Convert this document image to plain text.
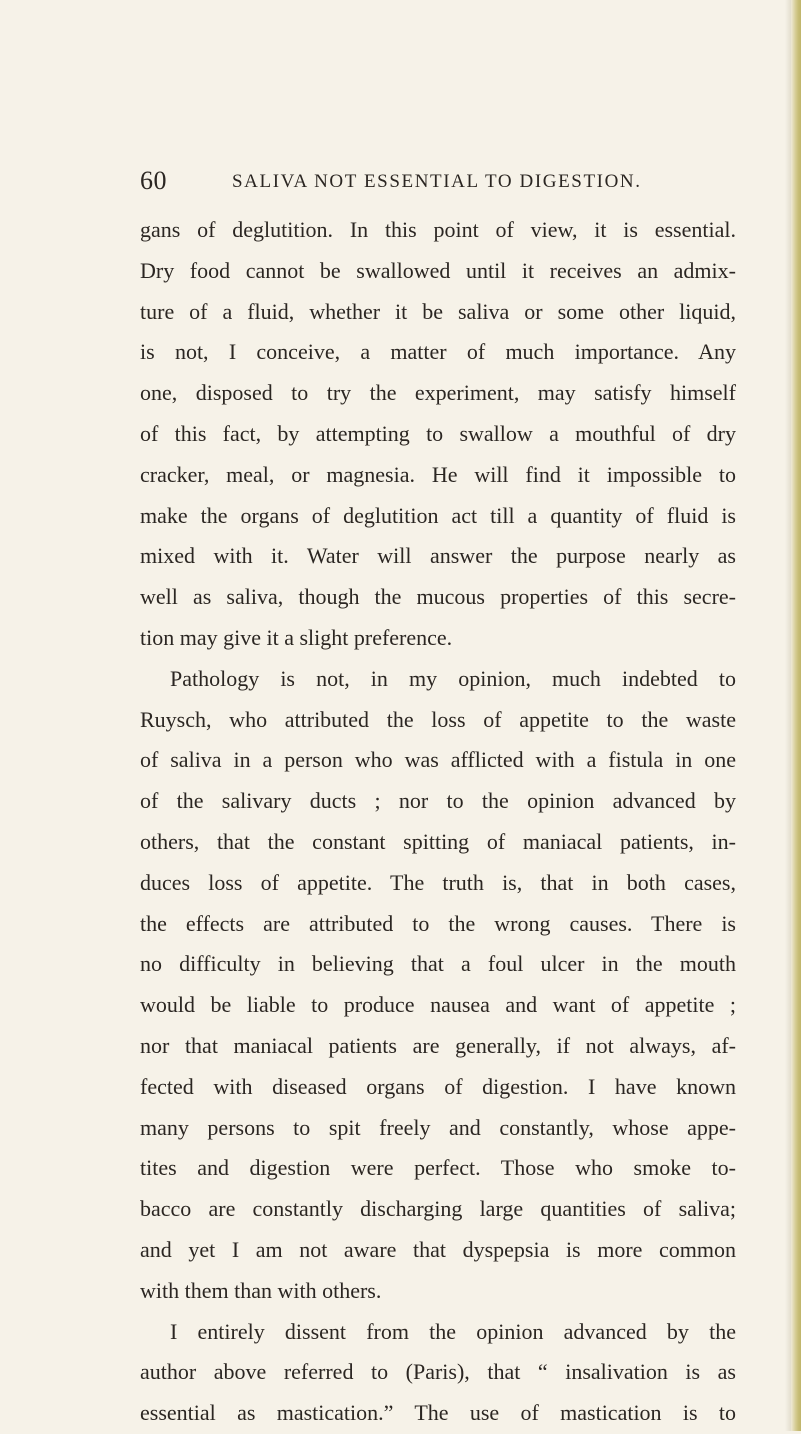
60	SALIVA NOT ESSENTIAL TO DIGESTION.
gans of deglutition. In this point of view, it is essential.
Dry food cannot be swallowed until it receives an admix-
ture of a fluid, whether it be saliva or some other liquid,
is not, I conceive, a matter of much importance. Any
one, disposed to try the experiment, may satisfy himself
of this fact, by attempting to swallow a mouthful of dry
cracker, meal, or magnesia. He will find it impossible to
make the organs of deglutition act till a quantity of fluid is
mixed with it. Water will answer the purpose nearly as
well as saliva, though the mucous properties of this secre-
tion may give it a slight preference.
Pathology is not, in my opinion, much indebted to
Ruysch, who attributed the loss of appetite to the waste
of saliva in a person who was afflicted with a fistula in one
of the salivary ducts ; nor to the opinion advanced by
others, that the constant spitting of maniacal patients, in-
duces loss of appetite. The truth is, that in both cases,
the effects are attributed to the wrong causes. There is
no difficulty in believing that a foul ulcer in the mouth
would be liable to produce nausea and want of appetite ;
nor that maniacal patients are generally, if not always, af-
fected with diseased organs of digestion. I have known
many persons to spit freely and constantly, whose appe-
tites and digestion were perfect. Those who smoke to-
bacco are constantly discharging large quantities of saliva;
and yet I am not aware that dyspepsia is more common
with them than with others.
I entirely dissent from the opinion advanced by the
author above referred to (Paris), that “ insalivation is as
essential as mastication.” The use of mastication is to
